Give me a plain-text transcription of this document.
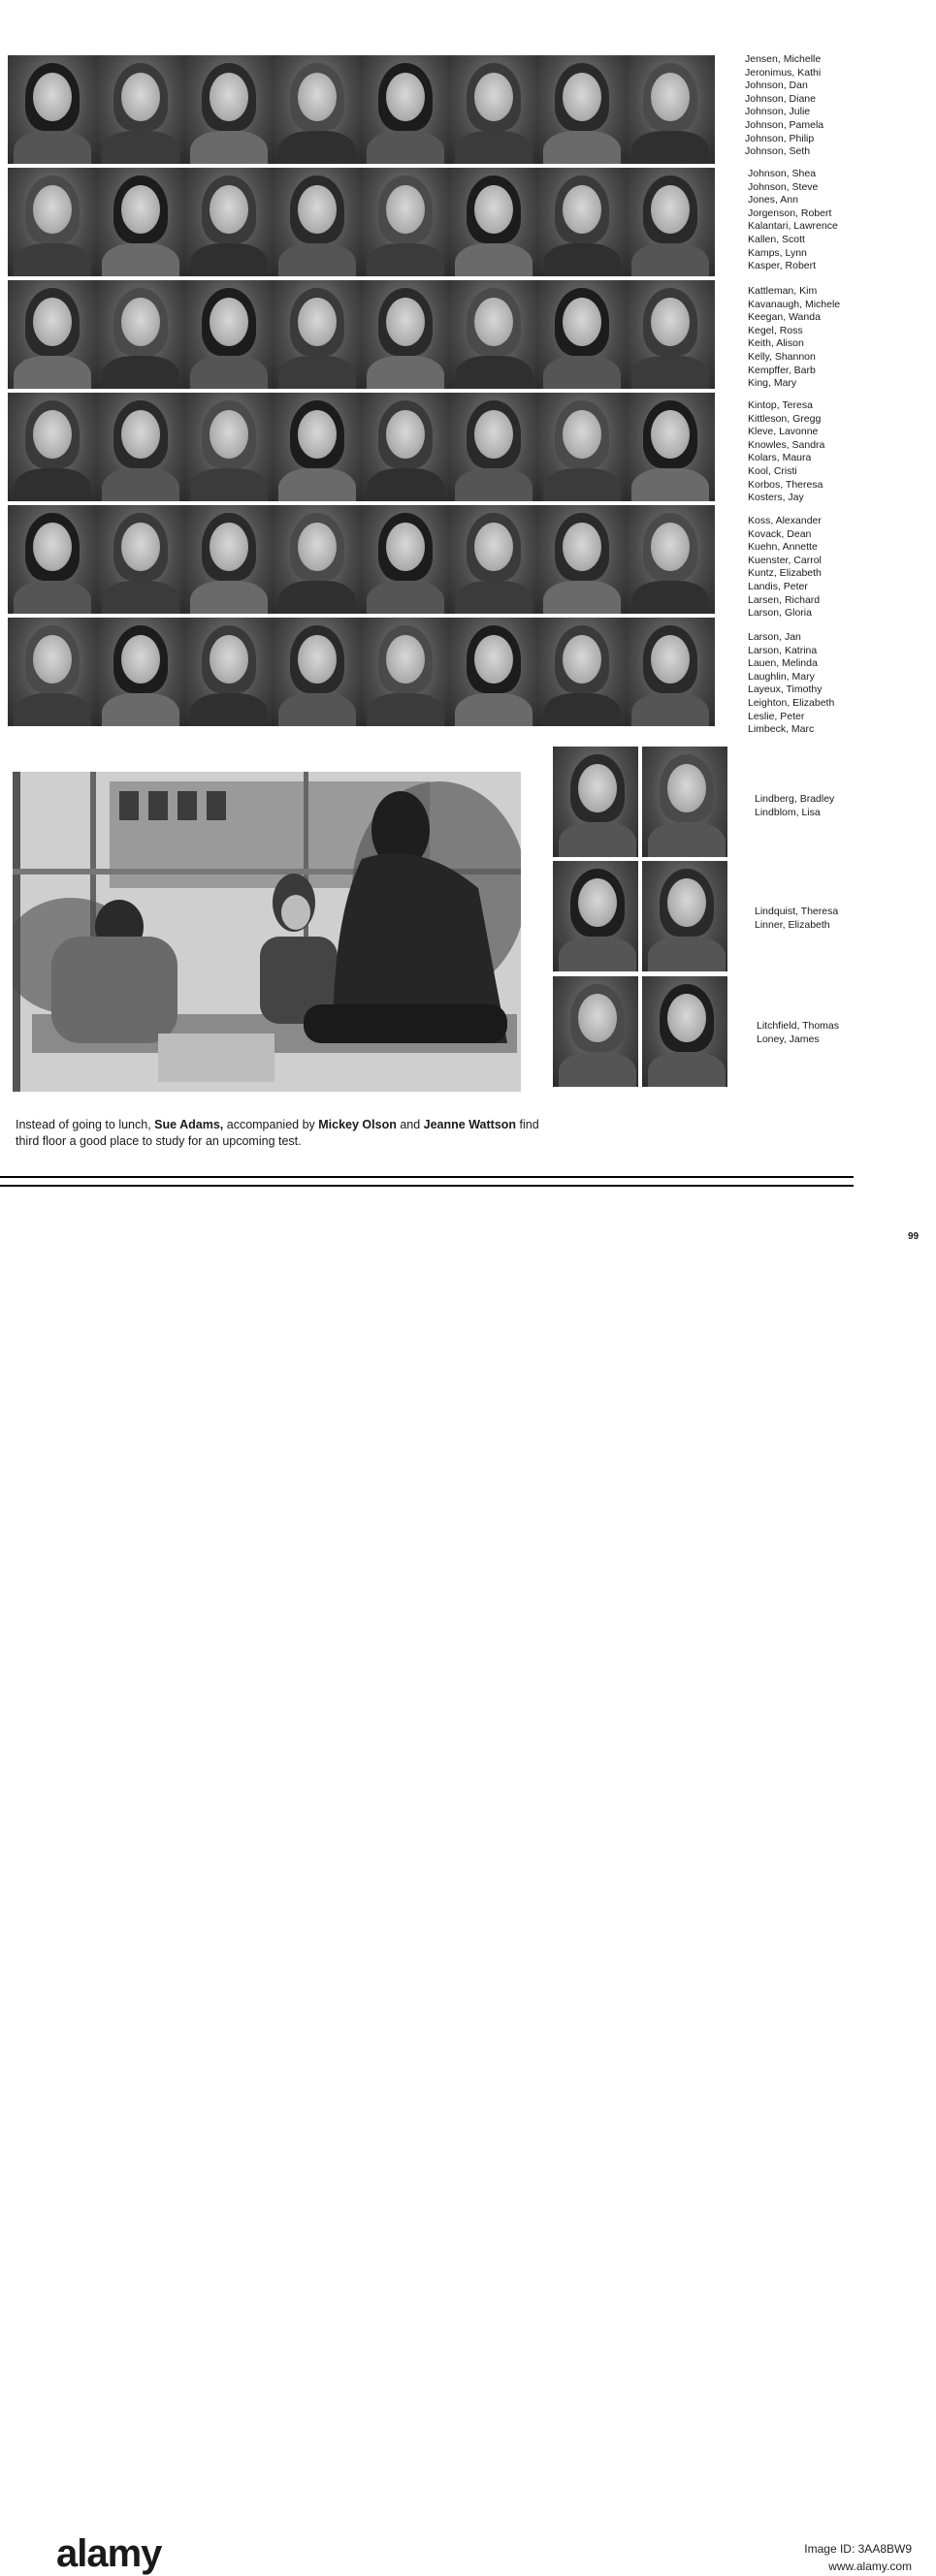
Jensen, Michelle
Jeronimus, Kathi
Johnson, Dan
Johnson, Diane
Johnson, Julie
Johnson, Pamela
Johnson, Philip
Johnson, Seth
Johnson, Shea
Johnson, Steve
Jones, Ann
Jorgenson, Robert
Kalantari, Lawrence
Kallen, Scott
Kamps, Lynn
Kasper, Robert
Kattleman, Kim
Kavanaugh, Michele
Keegan, Wanda
Kegel, Ross
Keith, Alison
Kelly, Shannon
Kempffer, Barb
King, Mary
Kintop, Teresa
Kittleson, Gregg
Kleve, Lavonne
Knowles, Sandra
Kolars, Maura
Kool, Cristi
Korbos, Theresa
Kosters, Jay
Koss, Alexander
Kovack, Dean
Kuehn, Annette
Kuenster, Carrol
Kuntz, Elizabeth
Landis, Peter
Larsen, Richard
Larson, Gloria
Larson, Jan
Larson, Katrina
Lauen, Melinda
Laughlin, Mary
Layeux, Timothy
Leighton, Elizabeth
Leslie, Peter
Limbeck, Marc
Lindberg, Bradley
Lindblom, Lisa
Lindquist, Theresa
Linner, Elizabeth
Litchfield, Thomas
Loney, James
Instead of going to lunch, Sue Adams, accompanied by Mickey Olson and Jeanne Wattson find third floor a good place to study for an upcoming test.
99
alamy	Image ID: 3AA8BW9
www.alamy.com
